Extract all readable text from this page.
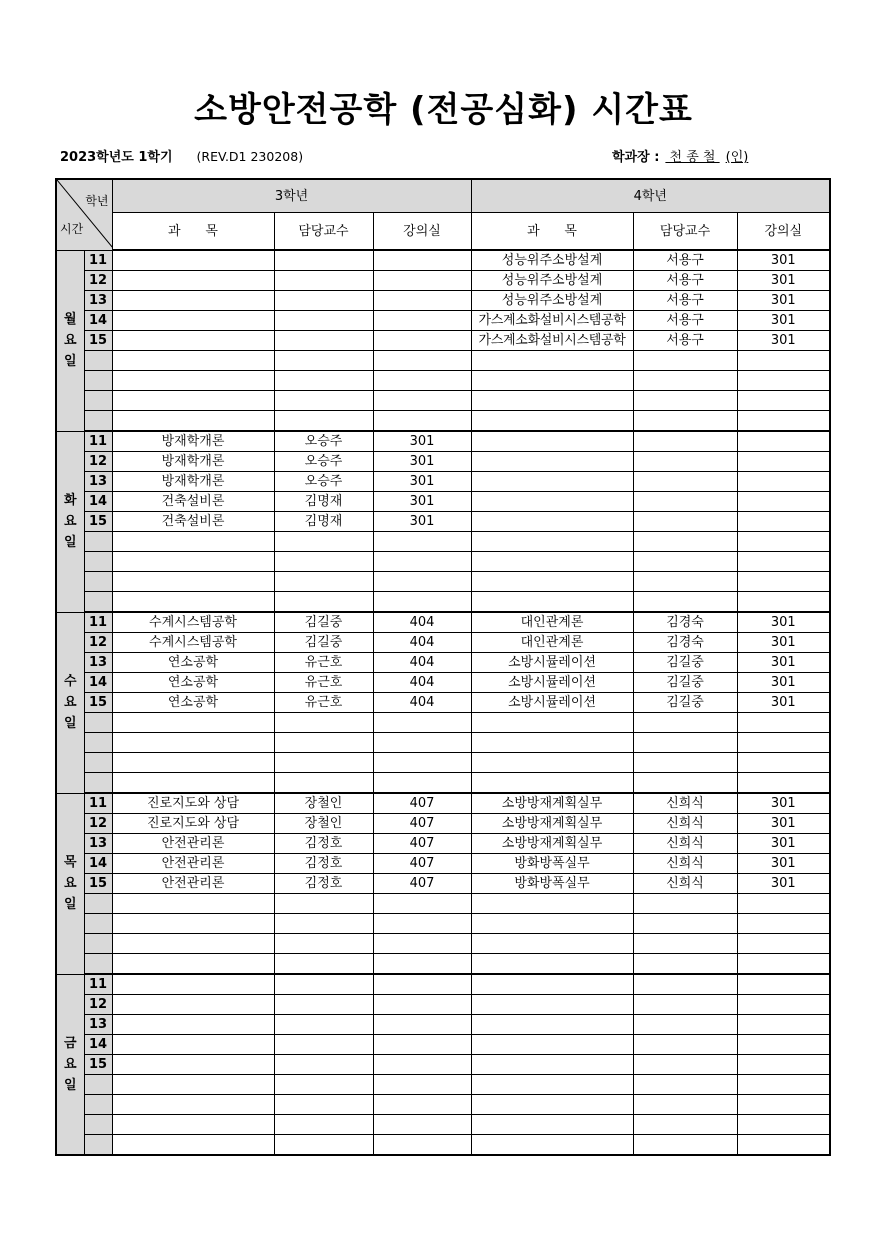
소방안전공학 (전공심화) 시간표
2023학년도 1학기 (REV.D1 230208)	학과장 : 천 종 철 (인)
학년
시간		3학년			4학년		
		과      목	담당교수	강의실	과      목	담당교수	강의실

월
요
일	11				성능위주소방설계	서용구	301
	12				성능위주소방설계	서용구	301
	13				성능위주소방설계	서용구	301
	14				가스계소화설비시스템공학	서용구	301
	15				가스계소화설비시스템공학	서용구	301

화
요
일	11	방재학개론	오승주	301			
	12	방재학개론	오승주	301			
	13	방재학개론	오승주	301			
	14	건축설비론	김명재	301			
	15	건축설비론	김명재	301			

수
요
일	11	수계시스템공학	김길중	404	대인관계론	김경숙	301
	12	수계시스템공학	김길중	404	대인관계론	김경숙	301
	13	연소공학	유근호	404	소방시뮬레이션	김길중	301
	14	연소공학	유근호	404	소방시뮬레이션	김길중	301
	15	연소공학	유근호	404	소방시뮬레이션	김길중	301

목
요
일	11	진로지도와 상담	장철인	407	소방방재계획실무	신희식	301
	12	진로지도와 상담	장철인	407	소방방재계획실무	신희식	301
	13	안전관리론	김정호	407	소방방재계획실무	신희식	301
	14	안전관리론	김정호	407	방화방폭실무	신희식	301
	15	안전관리론	김정호	407	방화방폭실무	신희식	301

금
요
일	11						
	12						
	13						
	14						
	15						
